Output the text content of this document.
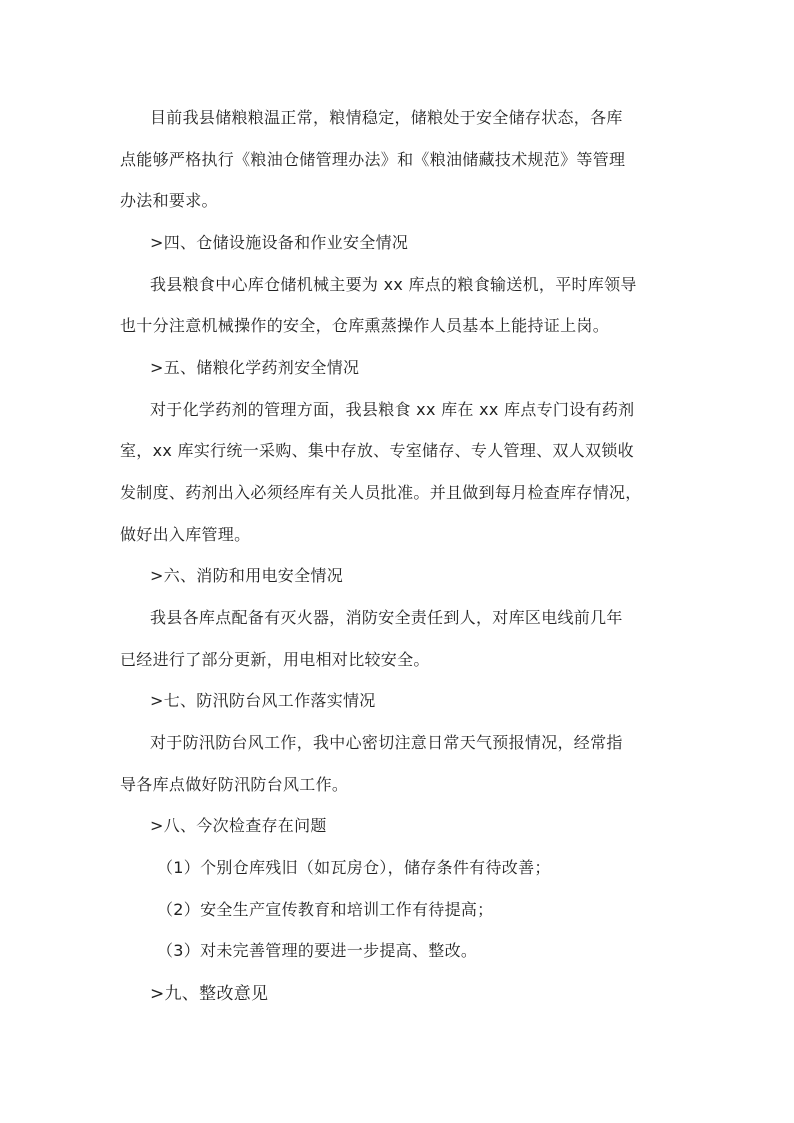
目前我县储粮粮温正常，粮情稳定，储粮处于安全储存状态，各库
点能够严格执行《粮油仓储管理办法》和《粮油储藏技术规范》等管理
办法和要求。
>四、仓储设施设备和作业安全情况
我县粮食中心库仓储机械主要为 xx 库点的粮食输送机，平时库领导
也十分注意机械操作的安全，仓库熏蒸操作人员基本上能持证上岗。
>五、储粮化学药剂安全情况
对于化学药剂的管理方面，我县粮食 xx 库在 xx 库点专门设有药剂
室，xx 库实行统一采购、集中存放、专室储存、专人管理、双人双锁收
发制度、药剂出入必须经库有关人员批准。并且做到每月检查库存情况，
做好出入库管理。
>六、消防和用电安全情况
我县各库点配备有灭火器，消防安全责任到人，对库区电线前几年
已经进行了部分更新，用电相对比较安全。
>七、防汛防台风工作落实情况
对于防汛防台风工作，我中心密切注意日常天气预报情况，经常指
导各库点做好防汛防台风工作。
>八、今次检查存在问题
（1）个别仓库残旧（如瓦房仓），储存条件有待改善；
（2）安全生产宣传教育和培训工作有待提高；
（3）对未完善管理的要进一步提高、整改。
>九、整改意见
